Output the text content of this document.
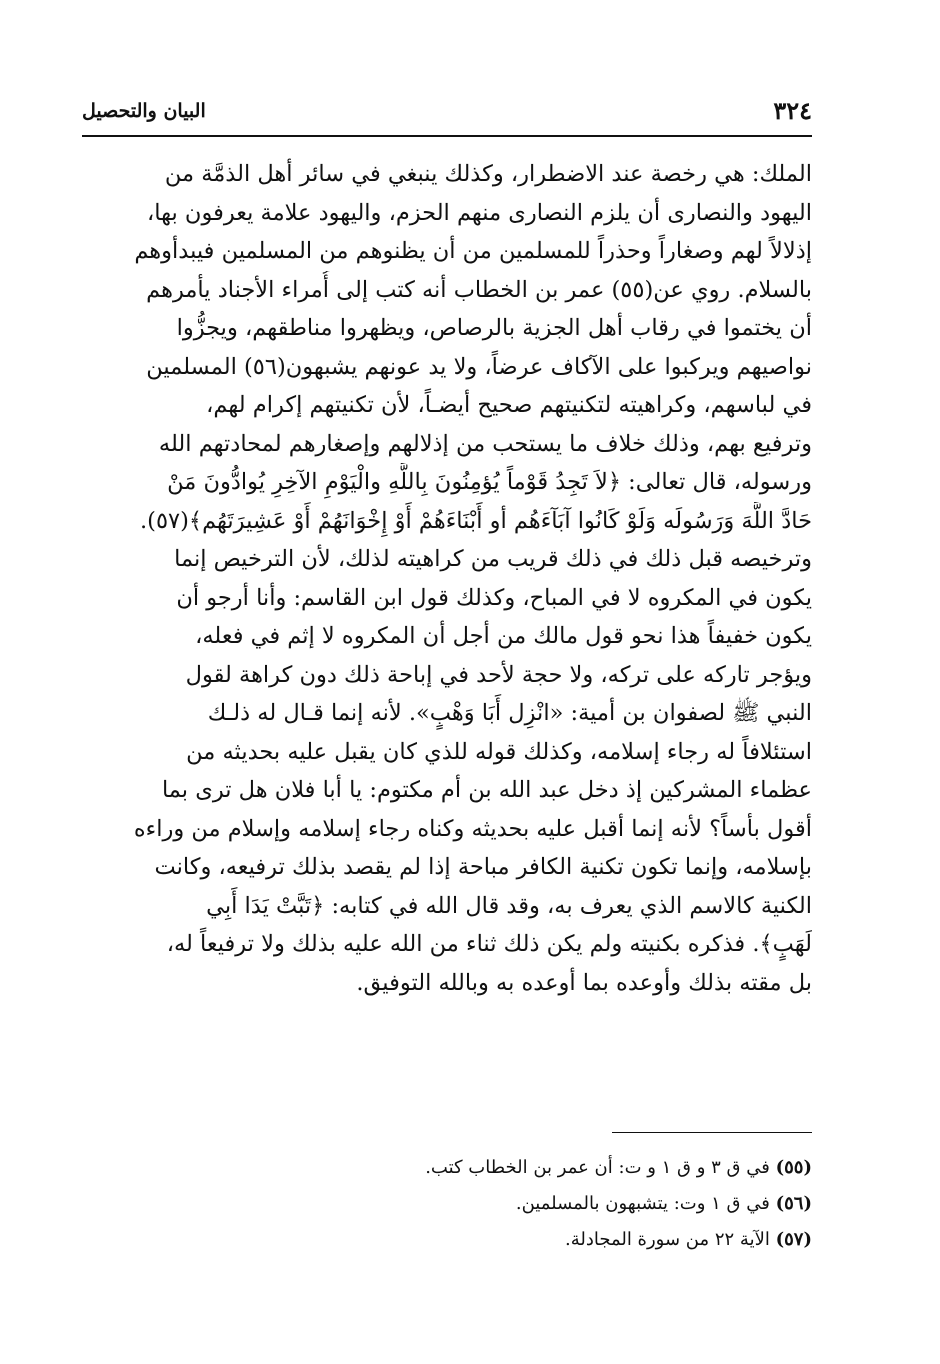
٣٢٤
البيان والتحصيل
الملك: هي رخصة عند الاضطرار، وكذلك ينبغي في سائر أهل الذمَّة من
اليهود والنصارى أن يلزم النصارى منهم الحزم، واليهود علامة يعرفون بها،
إذلالاً لهم وصغاراً وحذراً للمسلمين من أن يظنوهم من المسلمين فيبدأوهم
بالسلام. روي عن(٥٥) عمر بن الخطاب أنه كتب إلى أُمراء الأجناد يأمرهم
أن يختموا في رقاب أهل الجزية بالرصاص، ويظهروا مناطقهم، ويجزُّوا
نواصيهم ويركبوا على الآكاف عرضاً، ولا يد عونهم يشبهون(٥٦) المسلمين
في لباسهم، وكراهيته لتكنيتهم صحيح أيضـاً، لأن تكنيتهم إكرام لهم،
وترفيع بهم، وذلك خلاف ما يستحب من إذلالهم وإصغارهم لمحادتهم الله
ورسوله، قال تعالى: ﴿لاَ تَجِدُ قَوْماً يُؤمِنُونَ بِاللَّهِ والْيَوْمِ الآخِرِ يُوادُّونَ مَنْ
حَادَّ اللَّهَ وَرَسُولَه وَلَوْ كَانُوا آبَآءَهُم أو أَبْنَاءَهُمْ أَوْ إِخْوَانَهُمْ أَوْ عَشِيرَتَهُم﴾(٥٧).
وترخيصه قبل ذلك في ذلك قريب من كراهيته لذلك، لأن الترخيص إنما
يكون في المكروه لا في المباح، وكذلك قول ابن القاسم: وأنا أرجو أن
يكون خفيفاً هذا نحو قول مالك من أجل أن المكروه لا إثم في فعله،
ويؤجر تاركه على تركه، ولا حجة لأحد في إباحة ذلك دون كراهة لقول
النبي ﷺ لصفوان بن أمية: «انْزِل أَبَا وَهْبٍ». لأنه إنما قـال له ذلـك
استئلافاً له رجاء إسلامه، وكذلك قوله للذي كان يقبل عليه بحديثه من
عظماء المشركين إذ دخل عبد الله بن أم مكتوم: يا أبا فلان هل ترى بما
أقول بأساً؟ لأنه إنما أقبل عليه بحديثه وكناه رجاء إسلامه وإسلام من وراءه
بإسلامه، وإنما تكون تكنية الكافر مباحة إذا لم يقصد بذلك ترفيعه، وكانت
الكنية كالاسم الذي يعرف به، وقد قال الله في كتابه: ﴿تَبَّتْ يَدَا أَبِي
لَهَبٍ﴾. فذكره بكنيته ولم يكن ذلك ثناء من الله عليه بذلك ولا ترفيعاً له،
بل مقته بذلك وأوعده بما أوعده به وبالله التوفيق.
(٥٥) في ق ٣ و ق ١ و ت: أن عمر بن الخطاب كتب.
(٥٦) في ق ١ وت: يتشبهون بالمسلمين.
(٥٧) الآية ٢٢ من سورة المجادلة.
